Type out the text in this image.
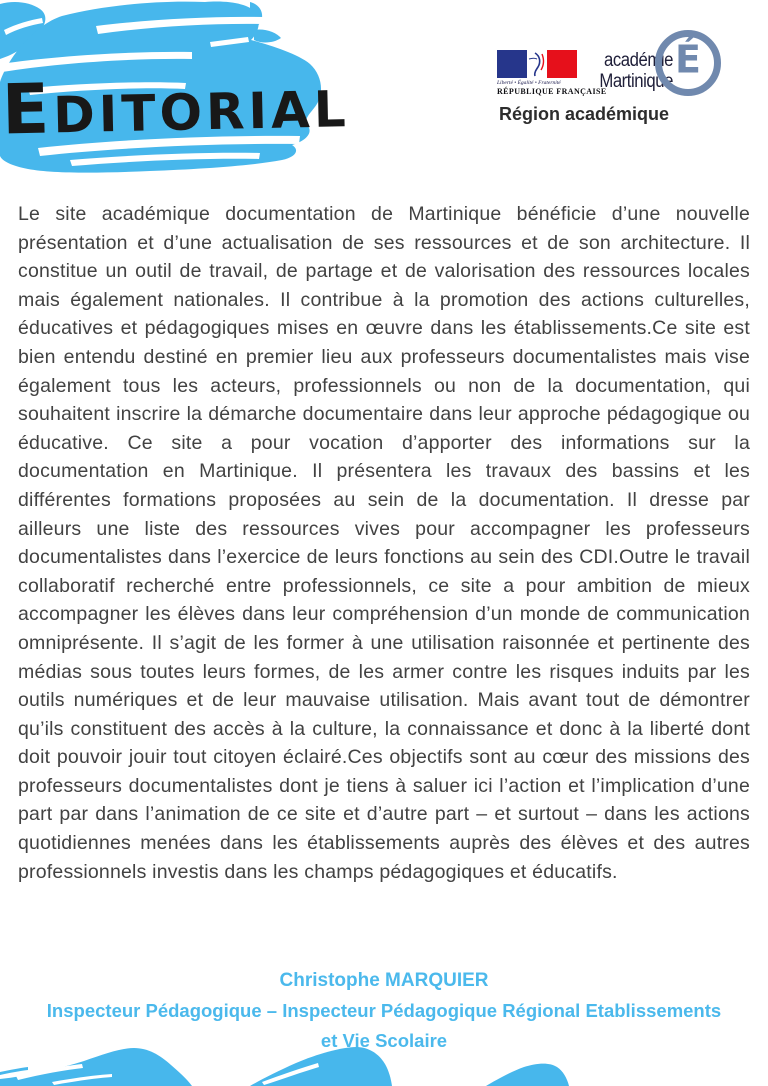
EDITORIAL	Liberté • Égalité • Fraternité
RÉPUBLIQUE FRANÇAISE
académie
Martinique
É
Région académique
Le site académique documentation de Martinique bénéficie d’une nouvelle présentation et d’une actualisation de ses ressources et de son architecture. Il constitue un outil de travail, de partage et de valorisation des ressources locales mais également nationales. Il contribue à la promotion des actions culturelles, éducatives et pédagogiques mises en œuvre dans les établissements.Ce site est bien entendu destiné en premier lieu aux professeurs documentalistes mais vise également tous les acteurs, professionnels ou non de la documentation, qui souhaitent inscrire la démarche documentaire dans leur approche pédagogique ou éducative. Ce site a pour vocation d’apporter des informations sur la documentation en Martinique. Il présentera les travaux des bassins et les différentes formations proposées au sein de la documentation. Il dresse par ailleurs une liste des ressources vives pour accompagner les professeurs documentalistes dans l’exercice de leurs fonctions au sein des CDI.Outre le travail collaboratif recherché entre professionnels, ce site a pour ambition de mieux accompagner les élèves dans leur compréhension d’un monde de communication omniprésente. Il s’agit de les former à une utilisation raisonnée et pertinente des médias sous toutes leurs formes, de les armer contre les risques induits par les outils numériques et de leur mauvaise utilisation. Mais avant tout de démontrer qu’ils constituent des accès à la culture, la connaissance et donc à la liberté dont doit pouvoir jouir tout citoyen éclairé.Ces objectifs sont au cœur des missions des professeurs documentalistes dont je tiens à saluer ici l’action et l’implication d’une part par dans l’animation de ce site et d’autre part – et surtout – dans les actions quotidiennes menées dans les établissements auprès des élèves et des autres professionnels investis dans les champs pédagogiques et éducatifs.
Christophe MARQUIER
Inspecteur Pédagogique – Inspecteur Pédagogique Régional Etablissements
et Vie Scolaire
